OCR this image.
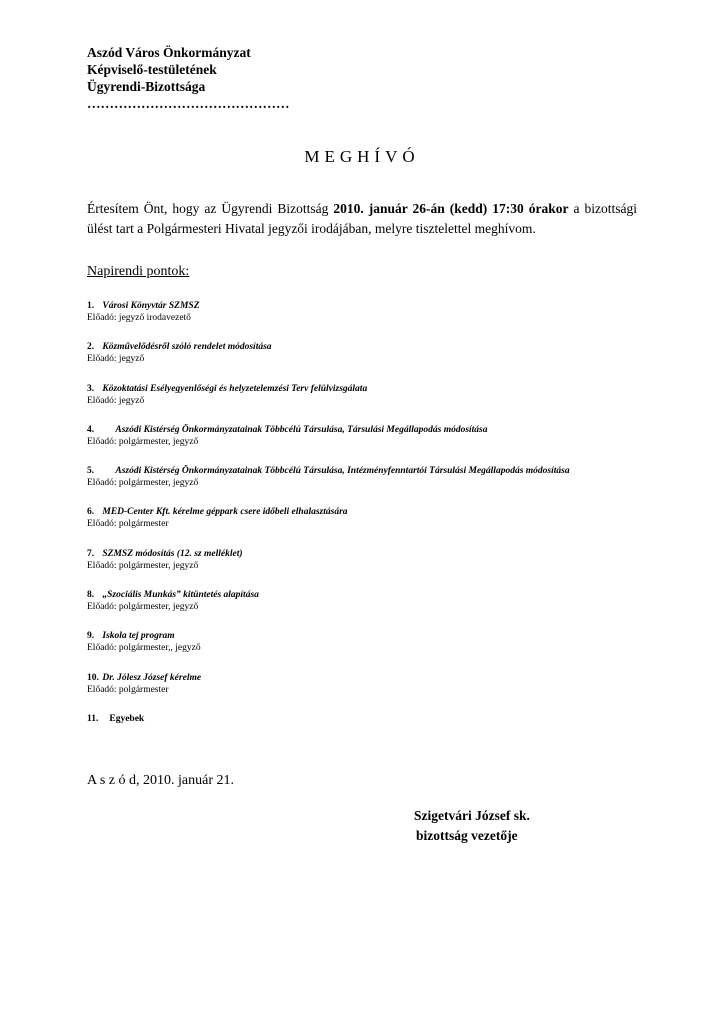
Aszód Város Önkormányzat
Képviselő-testületének
Ügyrendi-Bizottsága
………………………………………
MEGHÍVÓ
Értesítem Önt, hogy az Ügyrendi Bizottság 2010. január 26-án (kedd) 17:30 órakor a bizottsági ülést tart a Polgármesteri Hivatal jegyzői irodájában, melyre tisztelettel meghívom.
Napirendi pontok:
1. Városi Könyvtár SZMSZ
Előadó: jegyző irodavezető
2. Közművelődésről szóló rendelet módosítása
Előadó: jegyző
3. Közoktatási Esélyegyenlőségi és helyzetelemzési Terv felülvizsgálata
Előadó: jegyző
4. Aszódi Kistérség Önkormányzatainak Többcélú Társulása, Társulási Megállapodás módosítása
Előadó: polgármester, jegyző
5. Aszódi Kistérség Önkormányzatainak Többcélú Társulása, Intézményfenntartói Társulási Megállapodás módosítása
Előadó: polgármester, jegyző
6. MED-Center Kft. kérelme géppark csere időbeli elhalasztására
Előadó: polgármester
7. SZMSZ módosítás (12. sz melléklet)
Előadó: polgármester, jegyző
8. „Szociális Munkás” kitüntetés alapítása
Előadó: polgármester, jegyző
9. Iskola tej program
Előadó: polgármester,, jegyző
10. Dr. Jólesz József kérelme
Előadó: polgármester
11. Egyebek
A s z ó d, 2010. január 21.
Szigetvári József sk.
bizottság vezetője
